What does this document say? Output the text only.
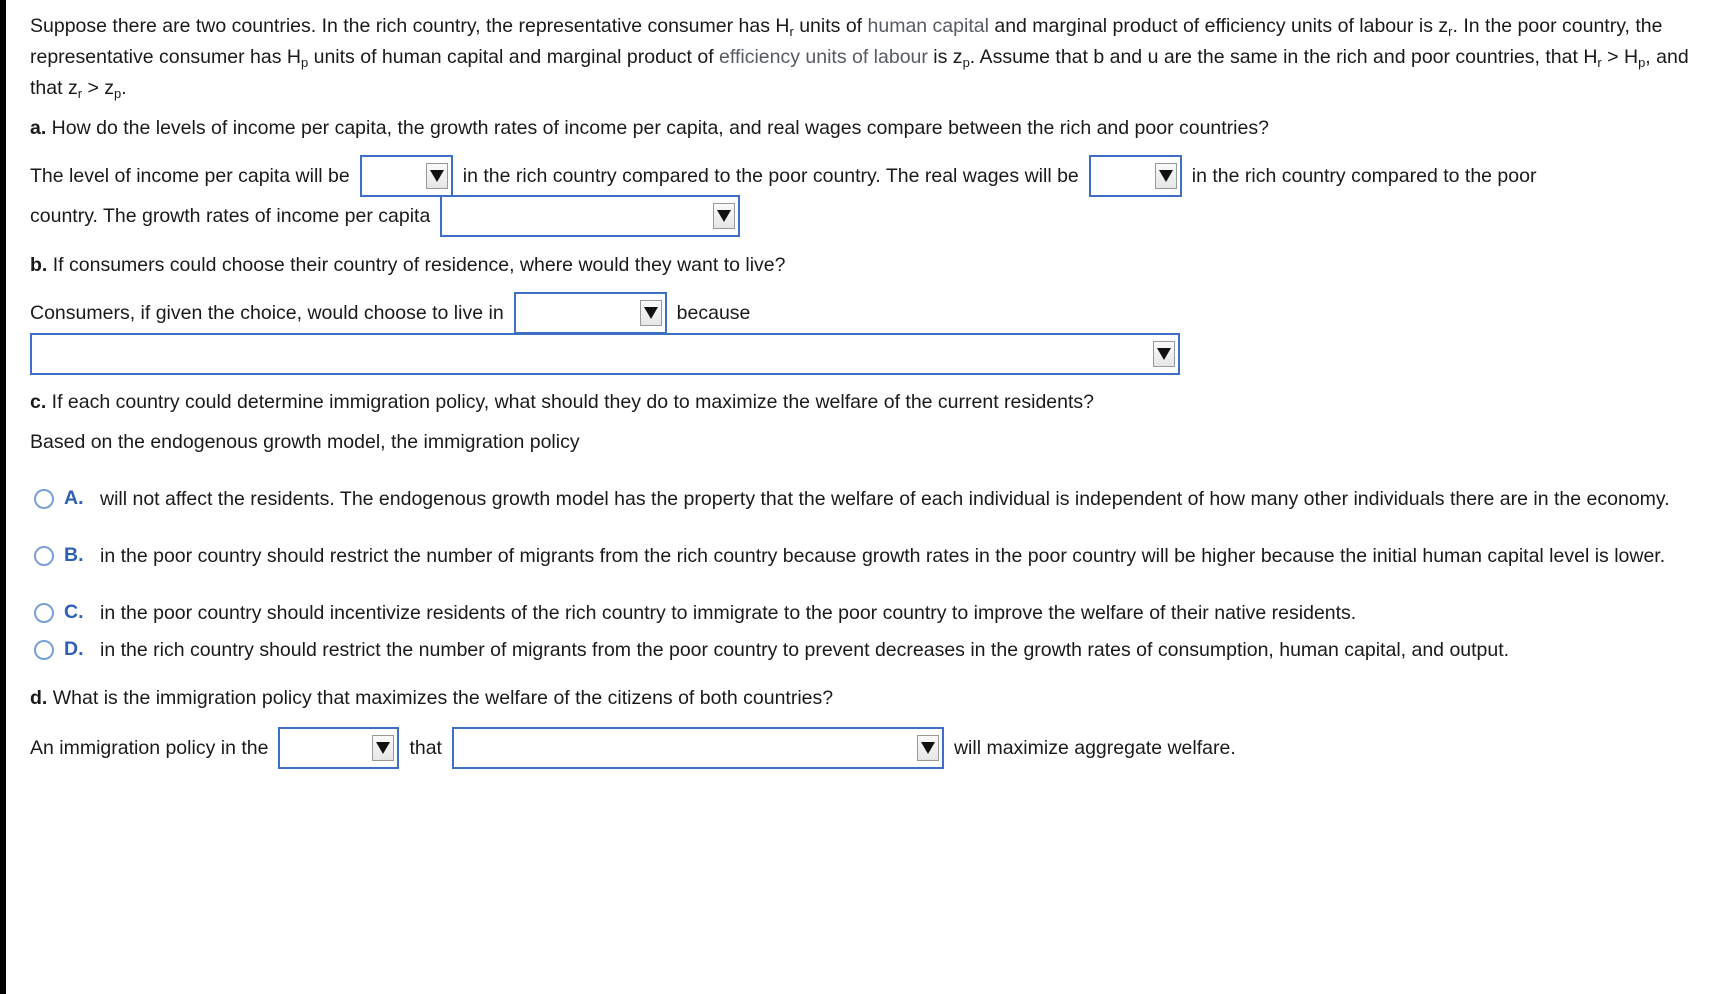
Suppose there are two countries. In the rich country, the representative consumer has $H_r$ units of human capital and marginal product of efficiency units of labour is $z_r$. In the poor country, the representative consumer has $H_p$ units of human capital and marginal product of efficiency units of labour is $z_p$. Assume that b and u are the same in the rich and poor countries, that $H_r > H_p$, and that $z_r > z_p$.
a. How do the levels of income per capita, the growth rates of income per capita, and real wages compare between the rich and poor countries?
The level of income per capita will be	in the rich country compared to the poor country. The real wages will be	in the rich country compared to the poor
country. The growth rates of income per capita
b. If consumers could choose their country of residence, where would they want to live?
Consumers, if given the choice, would choose to live in	because
c. If each country could determine immigration policy, what should they do to maximize the welfare of the current residents?
Based on the endogenous growth model, the immigration policy
A. will not affect the residents. The endogenous growth model has the property that the welfare of each individual is independent of how many other individuals there are in the economy.
B. in the poor country should restrict the number of migrants from the rich country because growth rates in the poor country will be higher because the initial human capital level is lower.
C. in the poor country should incentivize residents of the rich country to immigrate to the poor country to improve the welfare of their native residents.
D. in the rich country should restrict the number of migrants from the poor country to prevent decreases in the growth rates of consumption, human capital, and output.
d. What is the immigration policy that maximizes the welfare of the citizens of both countries?
An immigration policy in the	that	will maximize aggregate welfare.
